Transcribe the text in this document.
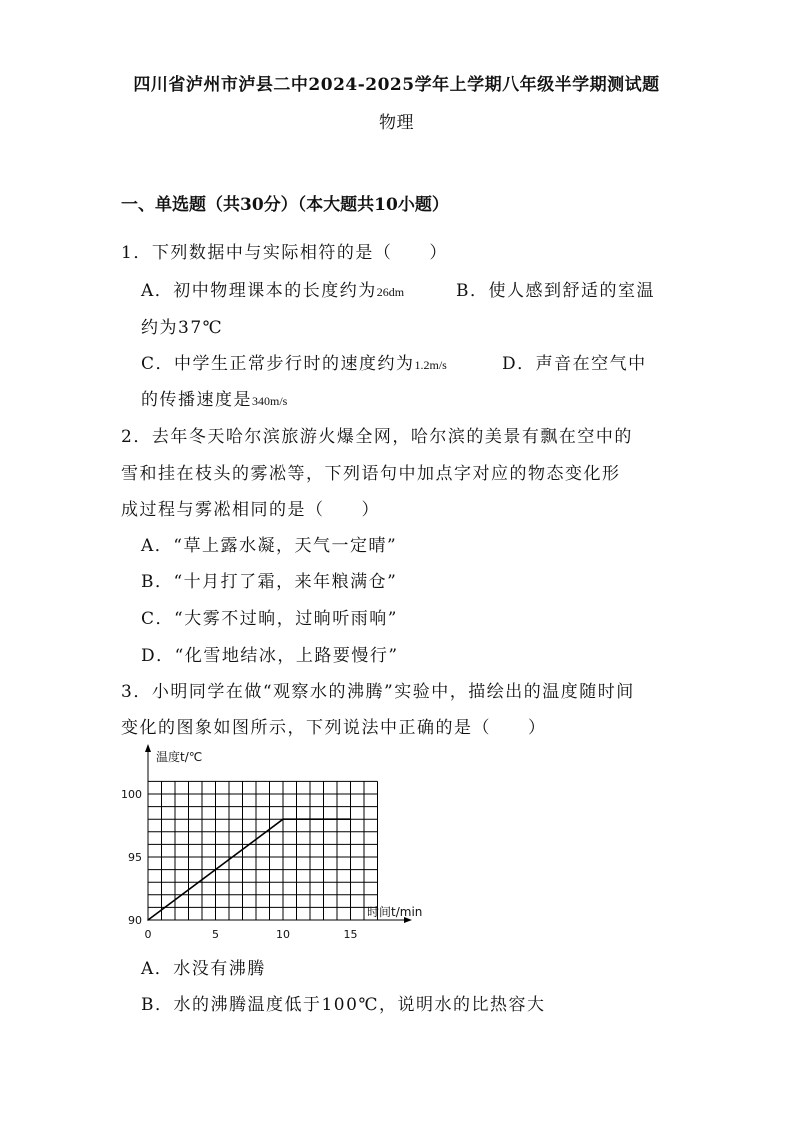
四川省泸州市泸县二中2024-2025学年上学期八年级半学期测试题
物理
一、单选题（共30分）（本大题共10小题）
1．下列数据中与实际相符的是（　　）
A．初中物理课本的长度约为26dm	B．使人感到舒适的室温
约为37℃
C．中学生正常步行时的速度约为1.2m/s	D．声音在空气中
的传播速度是340m/s
2．去年冬天哈尔滨旅游火爆全网，哈尔滨的美景有飘在空中的
雪和挂在枝头的雾凇等，下列语句中加点字对应的物态变化形
成过程与雾凇相同的是（　　）
A．“草上露水凝，天气一定晴”
B．“十月打了霜，来年粮满仓”
C．“大雾不过晌，过晌听雨响”
D．“化雪地结冰，上路要慢行”
3．小明同学在做“观察水的沸腾”实验中，描绘出的温度随时间
变化的图象如图所示，下列说法中正确的是（　　）
0	5	10	15
90
95
100
温度t/℃
时间t/min
A．水没有沸腾
B．水的沸腾温度低于100℃，说明水的比热容大
